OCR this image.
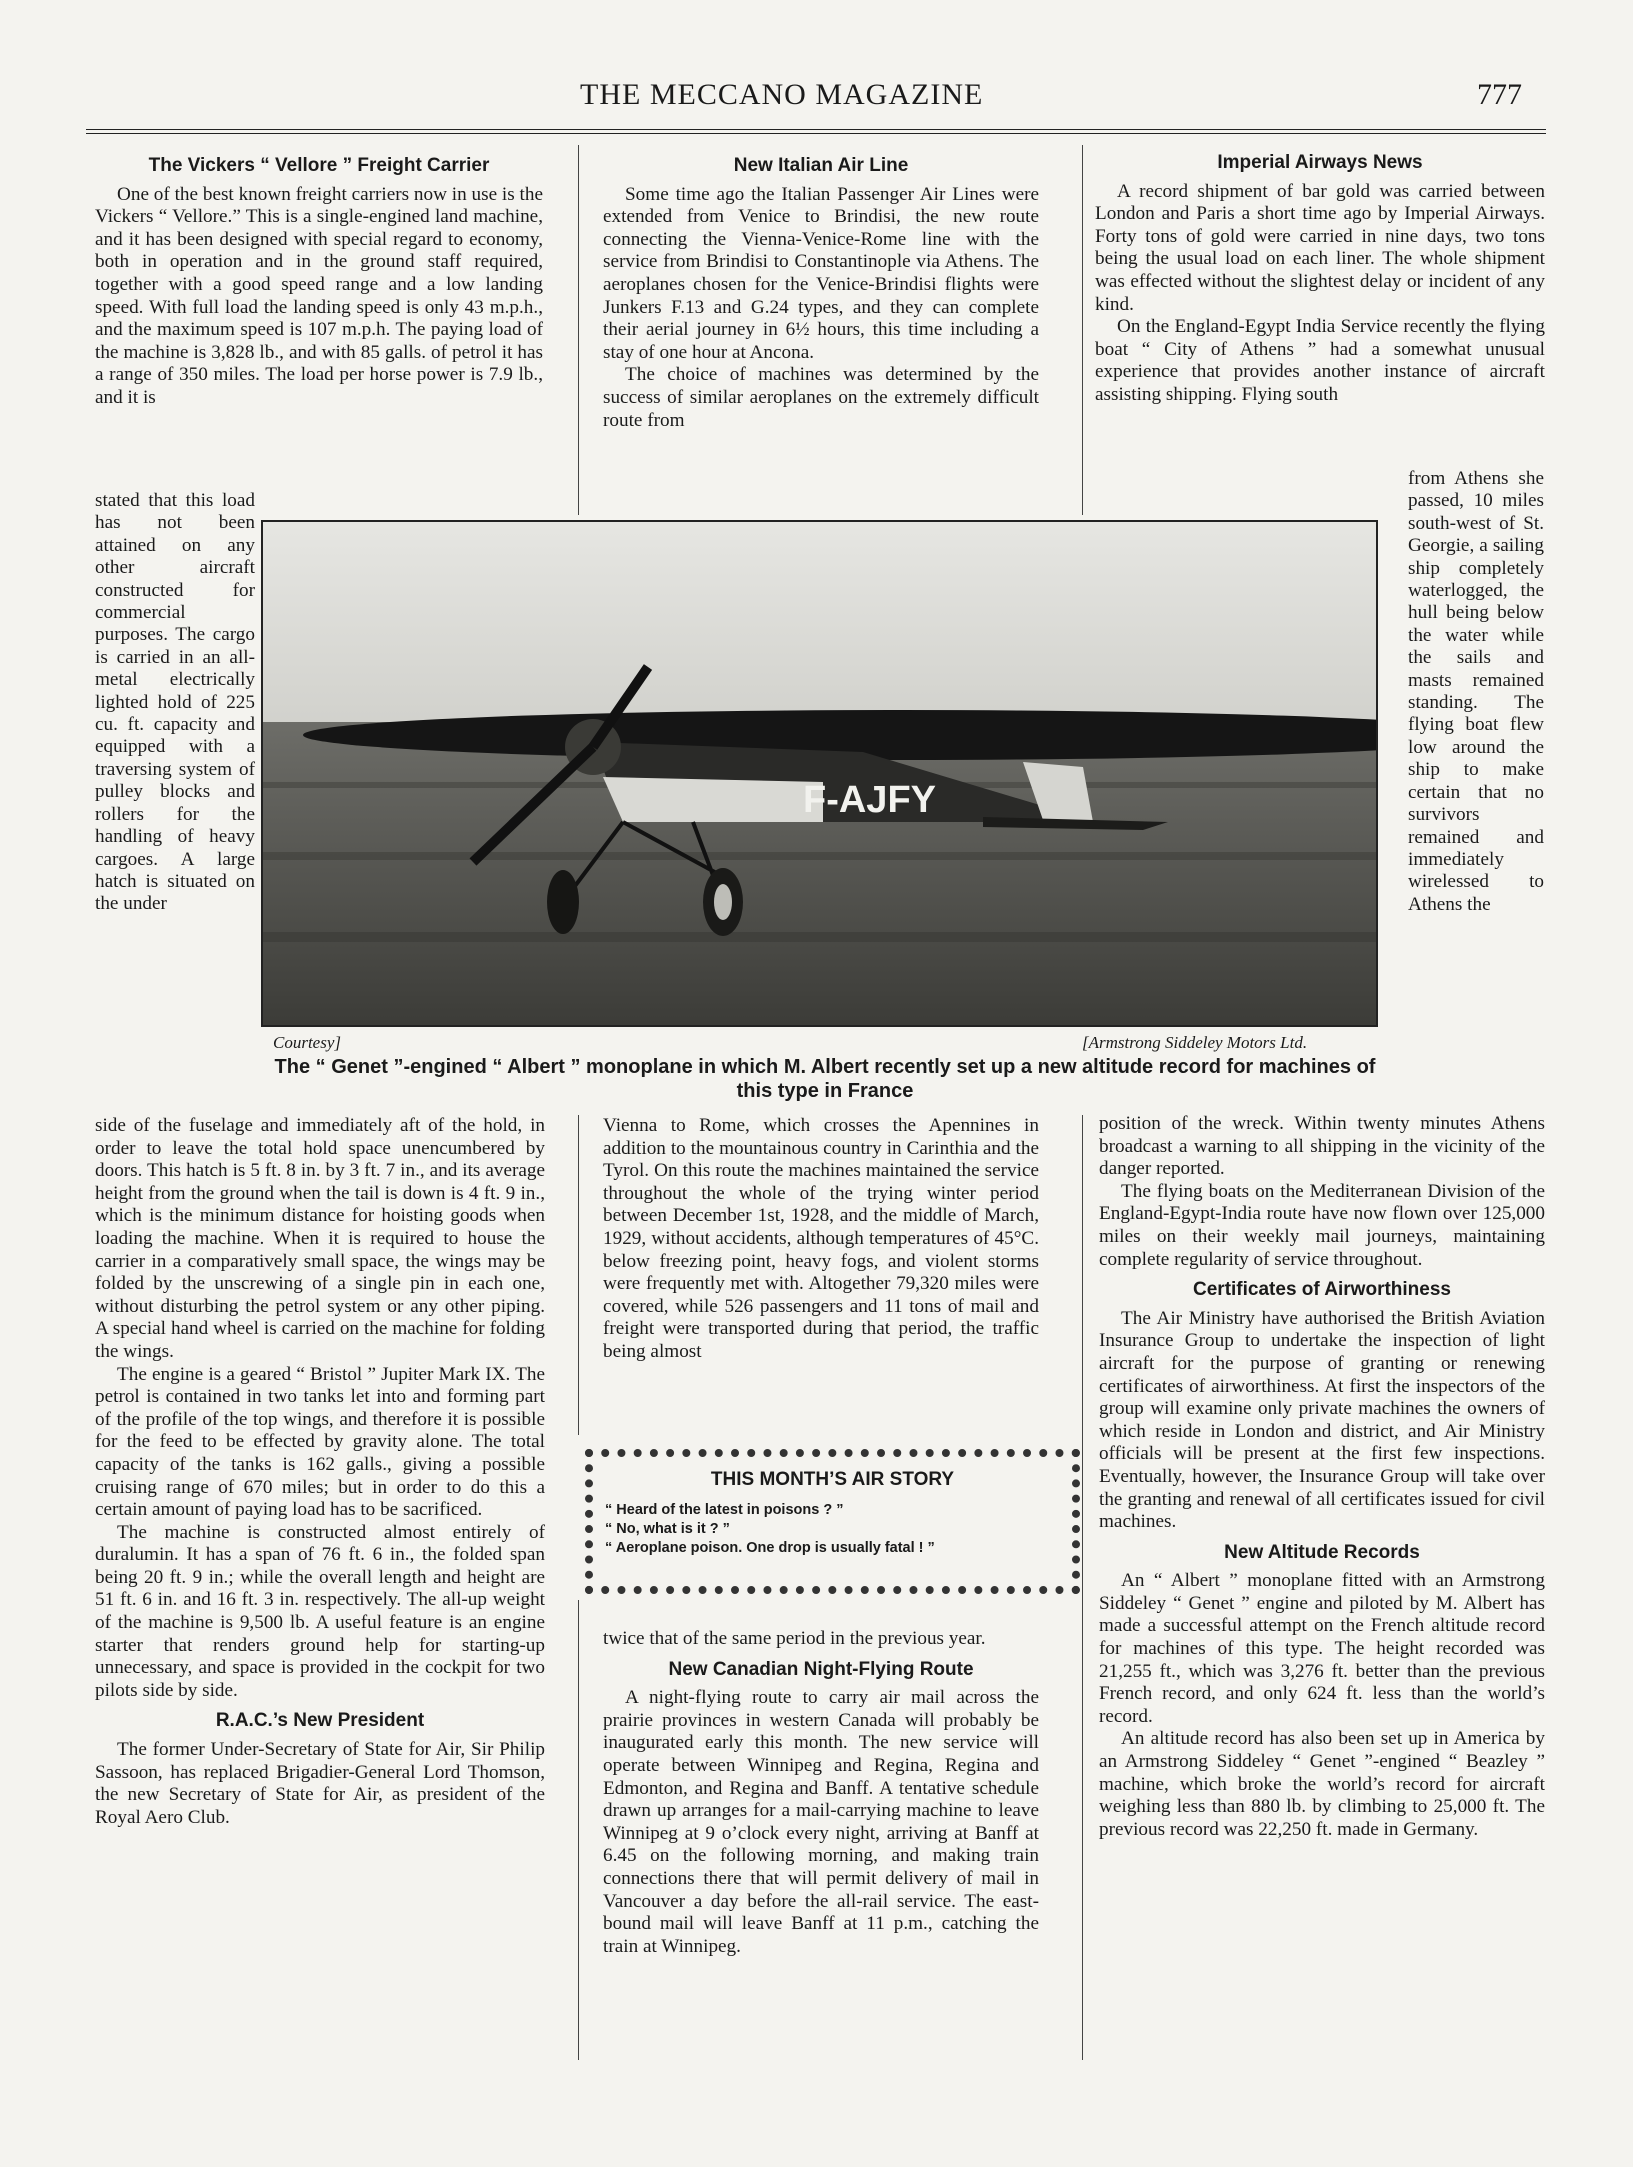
THE MECCANO MAGAZINE	777
The Vickers “ Vellore ” Freight Carrier

One of the best known freight carriers now in use is the Vickers “ Vellore.” This is a single-engined land machine, and it has been designed with special regard to economy, both in operation and in the ground staff required, together with a good speed range and a low landing speed. With full load the landing speed is only 43 m.p.h., and the maximum speed is 107 m.p.h. The paying load of the machine is 3,828 lb., and with 85 galls. of petrol it has a range of 350 miles. The load per horse power is 7.9 lb., and it is

stated that this load has not been attained on any other aircraft constructed for commercial purposes. The cargo is carried in an all-metal electrically lighted hold of 225 cu. ft. capacity and equipped with a traversing system of pulley blocks and rollers for the handling of heavy cargoes. A large hatch is situated on the under

F-AJFY
Courtesy]	[Armstrong Siddeley Motors Ltd.
The “ Genet ”-engined “ Albert ” monoplane in which M. Albert recently set up a new altitude record for machines of this type in France

side of the fuselage and immediately aft of the hold, in order to leave the total hold space unencumbered by doors. This hatch is 5 ft. 8 in. by 3 ft. 7 in., and its average height from the ground when the tail is down is 4 ft. 9 in., which is the minimum distance for hoisting goods when loading the machine. When it is required to house the carrier in a comparatively small space, the wings may be folded by the unscrewing of a single pin in each one, without disturbing the petrol system or any other piping. A special hand wheel is carried on the machine for folding the wings.

The engine is a geared “ Bristol ” Jupiter Mark IX. The petrol is contained in two tanks let into and forming part of the profile of the top wings, and therefore it is possible for the feed to be effected by gravity alone. The total capacity of the tanks is 162 galls., giving a possible cruising range of 670 miles; but in order to do this a certain amount of paying load has to be sacrificed.

The machine is constructed almost entirely of duralumin. It has a span of 76 ft. 6 in., the folded span being 20 ft. 9 in.; while the overall length and height are 51 ft. 6 in. and 16 ft. 3 in. respectively. The all-up weight of the machine is 9,500 lb. A useful feature is an engine starter that renders ground help for starting-up unnecessary, and space is provided in the cockpit for two pilots side by side.

R.A.C.’s New President

The former Under-Secretary of State for Air, Sir Philip Sassoon, has replaced Brigadier-General Lord Thomson, the new Secretary of State for Air, as president of the Royal Aero Club.

New Italian Air Line

Some time ago the Italian Passenger Air Lines were extended from Venice to Brindisi, the new route connecting the Vienna-Venice-Rome line with the service from Brindisi to Constantinople via Athens. The aeroplanes chosen for the Venice-Brindisi flights were Junkers F.13 and G.24 types, and they can complete their aerial journey in 6½ hours, this time including a stay of one hour at Ancona.

The choice of machines was determined by the success of similar aeroplanes on the extremely difficult route from

Vienna to Rome, which crosses the Apennines in addition to the mountainous country in Carinthia and the Tyrol. On this route the machines maintained the service throughout the whole of the trying winter period between December 1st, 1928, and the middle of March, 1929, without accidents, although temperatures of 45°C. below freezing point, heavy fogs, and violent storms were frequently met with. Altogether 79,320 miles were covered, while 526 passengers and 11 tons of mail and freight were transported during that period, the traffic being almost

THIS MONTH’S AIR STORY
“ Heard of the latest in poisons ? ”
“ No, what is it ? ”
“ Aeroplane poison. One drop is usually fatal ! ”

twice that of the same period in the previous year.

New Canadian Night-Flying Route

A night-flying route to carry air mail across the prairie provinces in western Canada will probably be inaugurated early this month. The new service will operate between Winnipeg and Regina, Regina and Edmonton, and Regina and Banff. A tentative schedule drawn up arranges for a mail-carrying machine to leave Winnipeg at 9 o’clock every night, arriving at Banff at 6.45 on the following morning, and making train connections there that will permit delivery of mail in Vancouver a day before the all-rail service. The east-bound mail will leave Banff at 11 p.m., catching the train at Winnipeg.

Imperial Airways News

A record shipment of bar gold was carried between London and Paris a short time ago by Imperial Airways. Forty tons of gold were carried in nine days, two tons being the usual load on each liner. The whole shipment was effected without the slightest delay or incident of any kind.

On the England-Egypt India Service recently the flying boat “ City of Athens ” had a somewhat unusual experience that provides another instance of aircraft assisting shipping. Flying south

from Athens she passed, 10 miles south-west of St. Georgie, a sailing ship completely waterlogged, the hull being below the water while the sails and masts remained standing. The flying boat flew low around the ship to make certain that no survivors remained and immediately wirelessed to Athens the

position of the wreck. Within twenty minutes Athens broadcast a warning to all shipping in the vicinity of the danger reported.

The flying boats on the Mediterranean Division of the England-Egypt-India route have now flown over 125,000 miles on their weekly mail journeys, maintaining complete regularity of service throughout.

Certificates of Airworthiness

The Air Ministry have authorised the British Aviation Insurance Group to undertake the inspection of light aircraft for the purpose of granting or renewing certificates of airworthiness. At first the inspectors of the group will examine only private machines the owners of which reside in London and district, and Air Ministry officials will be present at the first few inspections. Eventually, however, the Insurance Group will take over the granting and renewal of all certificates issued for civil machines.

New Altitude Records

An “ Albert ” monoplane fitted with an Armstrong Siddeley “ Genet ” engine and piloted by M. Albert has made a successful attempt on the French altitude record for machines of this type. The height recorded was 21,255 ft., which was 3,276 ft. better than the previous French record, and only 624 ft. less than the world’s record.

An altitude record has also been set up in America by an Armstrong Siddeley “ Genet ”-engined “ Beazley ” machine, which broke the world’s record for aircraft weighing less than 880 lb. by climbing to 25,000 ft. The previous record was 22,250 ft. made in Germany.
